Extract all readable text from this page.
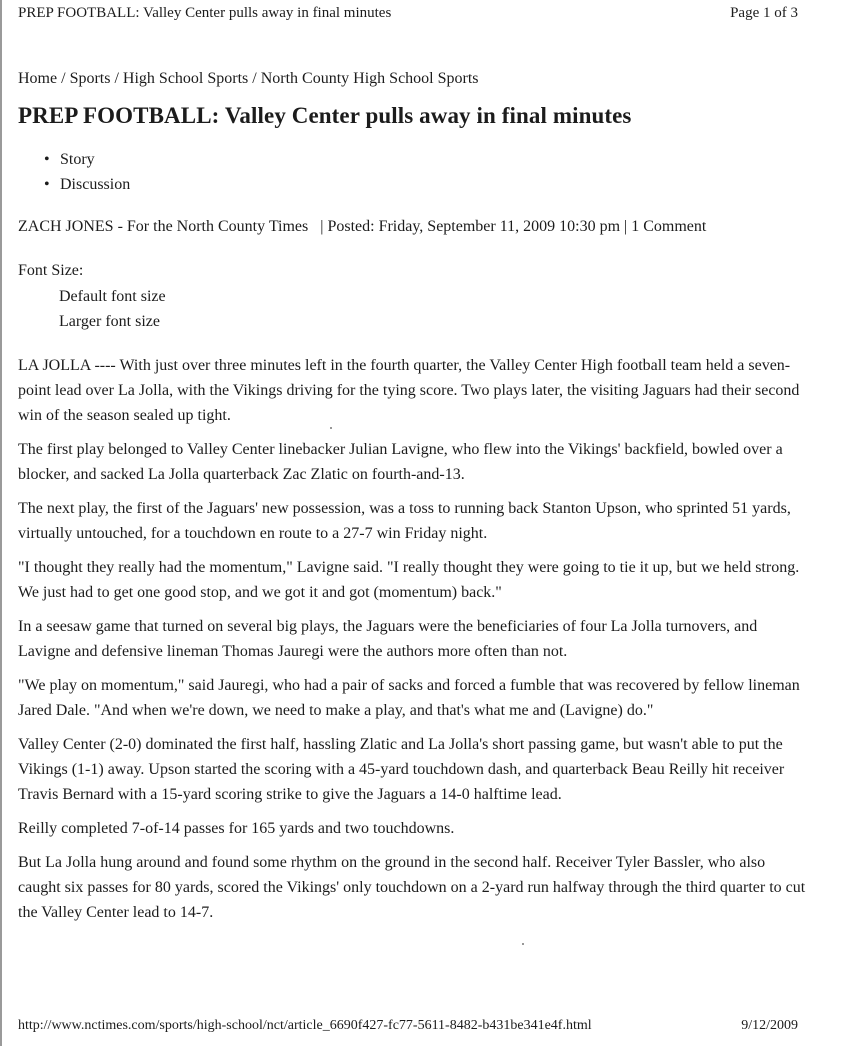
PREP FOOTBALL: Valley Center pulls away in final minutes	Page 1 of 3
Home / Sports / High School Sports / North County High School Sports
PREP FOOTBALL: Valley Center pulls away in final minutes
• Story
• Discussion
ZACH JONES - For the North County Times   | Posted: Friday, September 11, 2009 10:30 pm | 1 Comment
Font Size:
Default font size
Larger font size

LA JOLLA ---- With just over three minutes left in the fourth quarter, the Valley Center High football team held a seven-point lead over La Jolla, with the Vikings driving for the tying score. Two plays later, the visiting Jaguars had their second win of the season sealed up tight.

The first play belonged to Valley Center linebacker Julian Lavigne, who flew into the Vikings' backfield, bowled over a blocker, and sacked La Jolla quarterback Zac Zlatic on fourth-and-13.

The next play, the first of the Jaguars' new possession, was a toss to running back Stanton Upson, who sprinted 51 yards, virtually untouched, for a touchdown en route to a 27-7 win Friday night.

"I thought they really had the momentum," Lavigne said. "I really thought they were going to tie it up, but we held strong. We just had to get one good stop, and we got it and got (momentum) back."

In a seesaw game that turned on several big plays, the Jaguars were the beneficiaries of four La Jolla turnovers, and Lavigne and defensive lineman Thomas Jauregi were the authors more often than not.

"We play on momentum," said Jauregi, who had a pair of sacks and forced a fumble that was recovered by fellow lineman Jared Dale. "And when we're down, we need to make a play, and that's what me and (Lavigne) do."

Valley Center (2-0) dominated the first half, hassling Zlatic and La Jolla's short passing game, but wasn't able to put the Vikings (1-1) away. Upson started the scoring with a 45-yard touchdown dash, and quarterback Beau Reilly hit receiver Travis Bernard with a 15-yard scoring strike to give the Jaguars a 14-0 halftime lead.

Reilly completed 7-of-14 passes for 165 yards and two touchdowns.

But La Jolla hung around and found some rhythm on the ground in the second half. Receiver Tyler Bassler, who also caught six passes for 80 yards, scored the Vikings' only touchdown on a 2-yard run halfway through the third quarter to cut the Valley Center lead to 14-7.

http://www.nctimes.com/sports/high-school/nct/article_6690f427-fc77-5611-8482-b431be341e4f.html	9/12/2009
